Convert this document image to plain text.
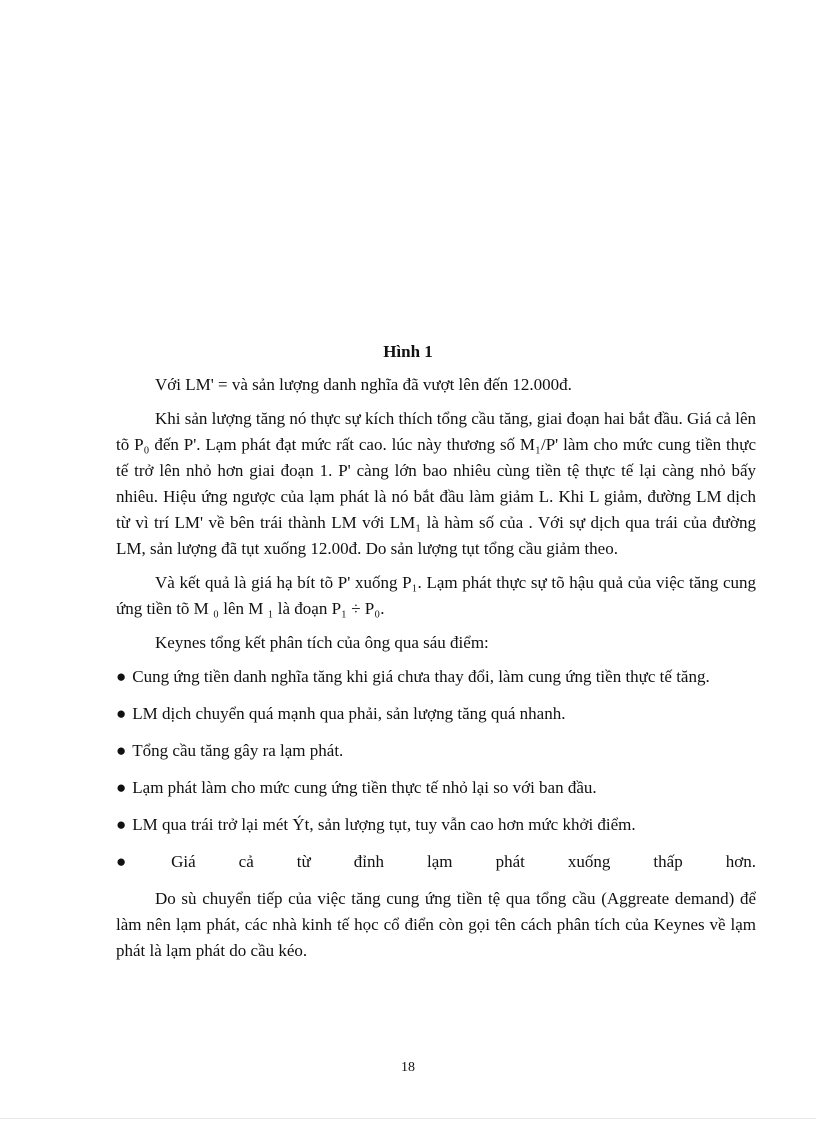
Hình 1

Với LM' = và sản lượng danh nghĩa đã vượt lên đến 12.000đ.

Khi sản lượng tăng nó thực sự kích thích tổng cầu tăng, giai đoạn hai bắt đầu. Giá cả lên tõ P₀ đến P'. Lạm phát đạt mức rất cao. lúc này thương số M₁/P' làm cho mức cung tiền thực tế trở lên nhỏ hơn giai đoạn 1. P' càng lớn bao nhiêu cùng tiền tệ thực tế lại càng nhỏ bấy nhiêu. Hiệu ứng ngược của lạm phát là nó bắt đầu làm giảm L. Khi L giảm, đường LM dịch từ vì trí LM' về bên trái thành LM với LM₁ là hàm số của . Với sự dịch qua trái của đường LM, sản lượng đã tụt xuống 12.00đ. Do sản lượng tụt tổng cầu giảm theo.

Và kết quả là giá hạ bít tõ P' xuống P₁. Lạm phát thực sự tõ hậu quả của việc tăng cung ứng tiền tõ M ₀ lên M ₁ là đoạn P₁ ÷ P₀.

Keynes tổng kết phân tích của ông qua sáu điểm:

● Cung ứng tiền danh nghĩa tăng khi giá chưa thay đổi, làm cung ứng tiền thực tế tăng.

● LM dịch chuyển quá mạnh qua phải, sản lượng tăng quá nhanh.

● Tổng cầu tăng gây ra lạm phát.

● Lạm phát làm cho mức cung ứng tiền thực tế nhỏ lại so với ban đầu.

● LM qua trái trở lại mét Ýt, sản lượng tụt, tuy vẫn cao hơn mức khởi điểm.

● Giá cả từ đỉnh lạm phát xuống thấp hơn.

Do sù chuyển tiếp của việc tăng cung ứng tiền tệ qua tổng cầu (Aggreate demand) để làm nên lạm phát, các nhà kinh tế học cổ điển còn gọi tên cách phân tích của Keynes về lạm phát là lạm phát do cầu kéo.

18
